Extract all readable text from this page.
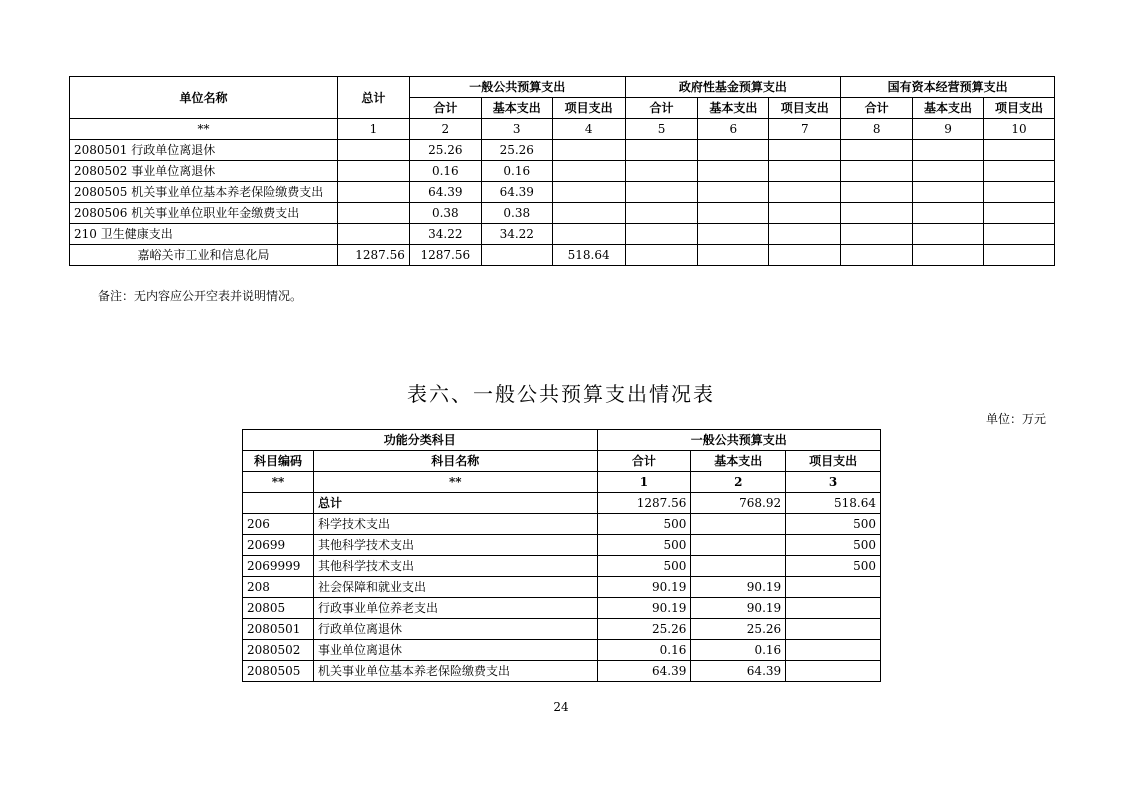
单位名称	总计	一般公共预算支出			政府性基金预算支出			国有资本经营预算支出		
		合计	基本支出	项目支出	合计	基本支出	项目支出	合计	基本支出	项目支出
**	1	2	3	4	5	6	7	8	9	10
2080501 行政单位离退休		25.26	25.26							
2080502 事业单位离退休		0.16	0.16							
2080505 机关事业单位基本养老保险缴费支出		64.39	64.39							
2080506 机关事业单位职业年金缴费支出		0.38	0.38							
210 卫生健康支出		34.22	34.22							
嘉峪关市工业和信息化局	1287.56	1287.56		518.64						
备注：无内容应公开空表并说明情况。
表六、一般公共预算支出情况表
单位：万元
功能分类科目		一般公共预算支出		
科目编码	科目名称	合计	基本支出	项目支出
**	**	1	2	3
	总计	1287.56	768.92	518.64
206	科学技术支出	500		500
20699	其他科学技术支出	500		500
2069999	其他科学技术支出	500		500
208	社会保障和就业支出	90.19	90.19	
20805	行政事业单位养老支出	90.19	90.19	
2080501	行政单位离退休	25.26	25.26	
2080502	事业单位离退休	0.16	0.16	
2080505	机关事业单位基本养老保险缴费支出	64.39	64.39	
24
